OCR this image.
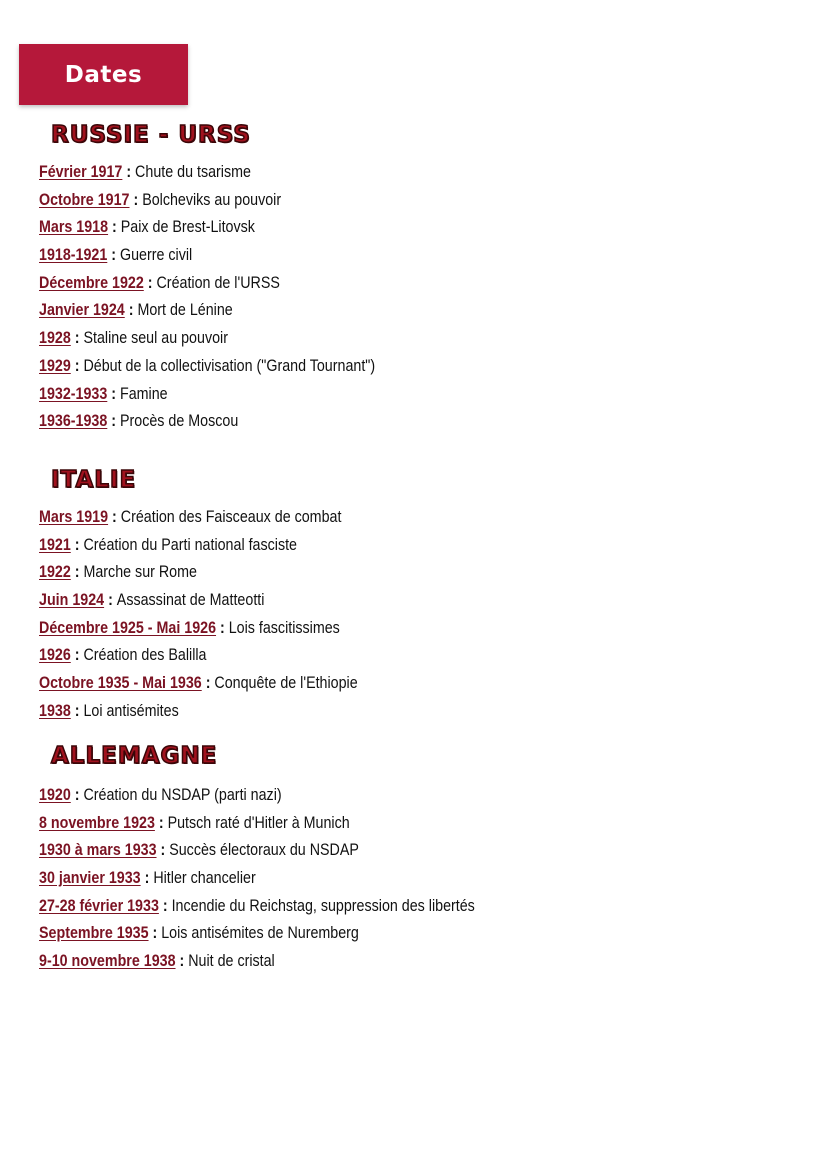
Dates
RUSSIE - URSS
Février 1917 : Chute du tsarisme
Octobre 1917 : Bolcheviks au pouvoir
Mars 1918 : Paix de Brest-Litovsk
1918-1921 : Guerre civil
Décembre 1922 : Création de l'URSS
Janvier 1924 : Mort de Lénine
1928 : Staline seul au pouvoir
1929 : Début de la collectivisation ("Grand Tournant")
1932-1933 : Famine
1936-1938 : Procès de Moscou
ITALIE
Mars 1919 : Création des Faisceaux de combat
1921 : Création du Parti national fasciste
1922 : Marche sur Rome
Juin 1924 : Assassinat de Matteotti
Décembre 1925 - Mai 1926 : Lois fascitissimes
1926 : Création des Balilla
Octobre 1935 - Mai 1936 : Conquête de l'Ethiopie
1938 : Loi antisémites
ALLEMAGNE
1920 : Création du NSDAP (parti nazi)
8 novembre 1923 : Putsch raté d'Hitler à Munich
1930 à mars 1933 : Succès électoraux du NSDAP
30 janvier 1933 : Hitler chancelier
27-28 février 1933 : Incendie du Reichstag, suppression des libertés
Septembre 1935 : Lois antisémites de Nuremberg
9-10 novembre 1938 : Nuit de cristal
